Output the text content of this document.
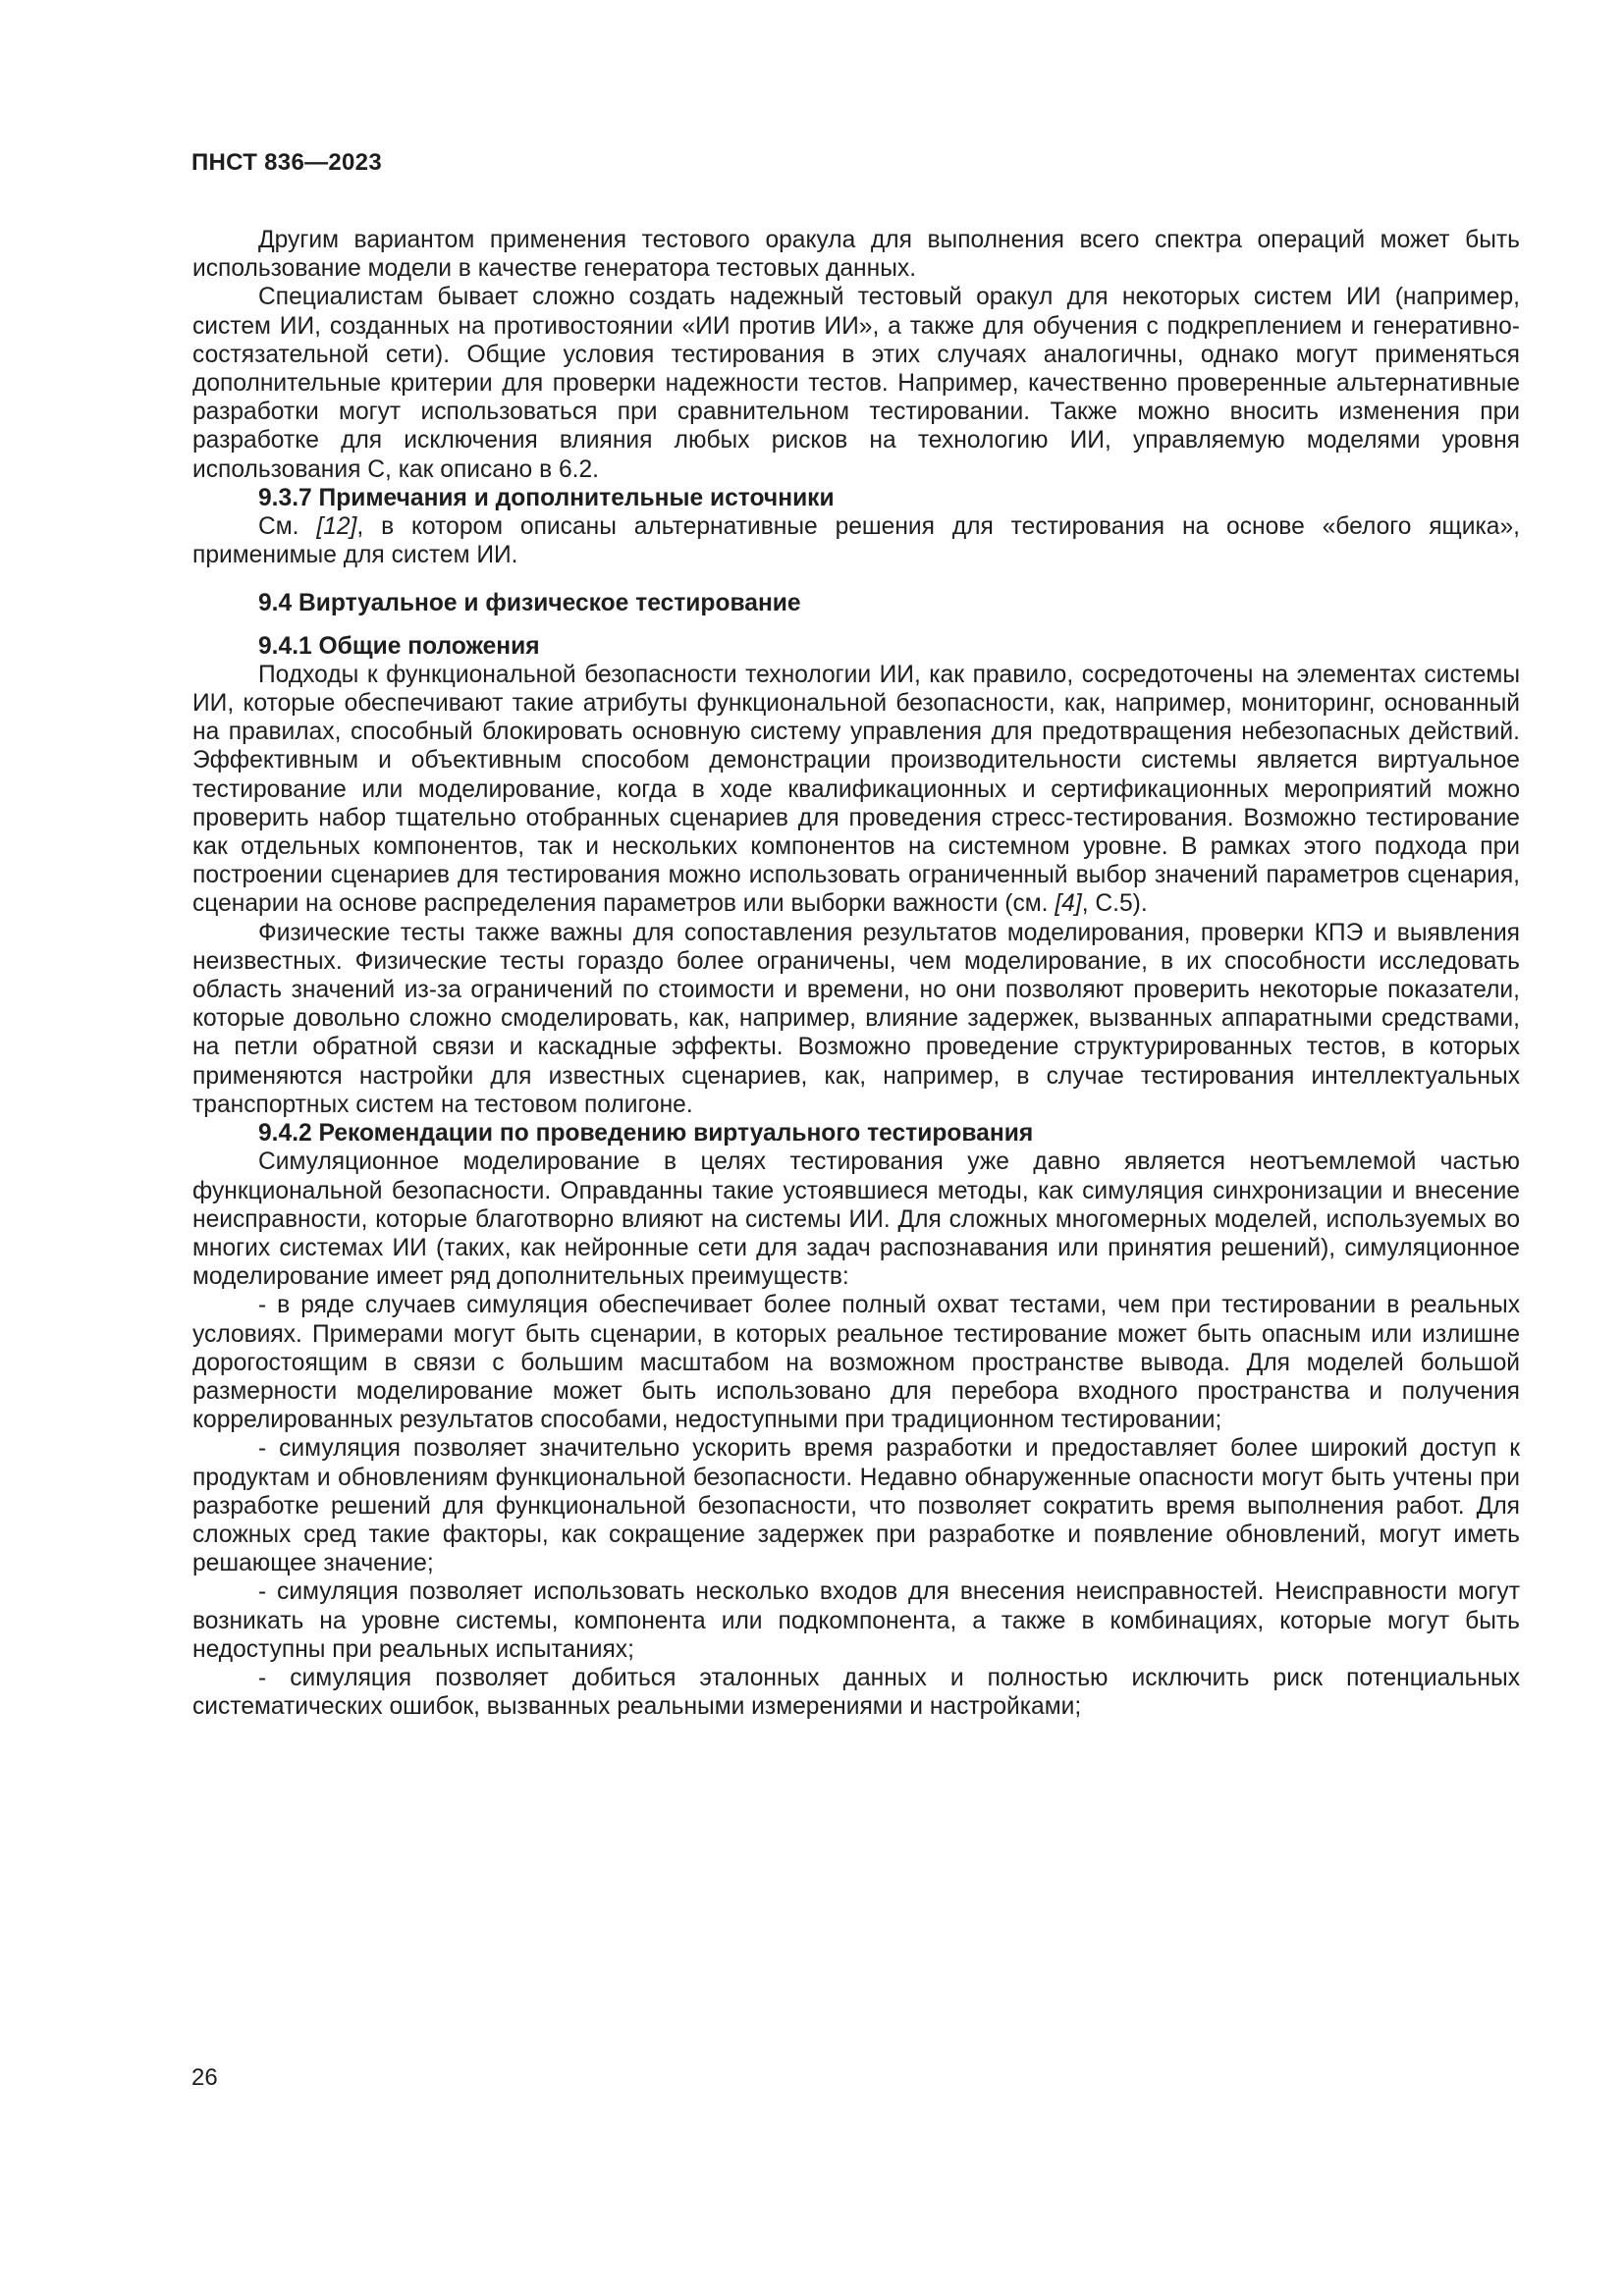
ПНСТ 836—2023

Другим вариантом применения тестового оракула для выполнения всего спектра операций может быть использование модели в качестве генератора тестовых данных.

Специалистам бывает сложно создать надежный тестовый оракул для некоторых систем ИИ (например, систем ИИ, созданных на противостоянии «ИИ против ИИ», а также для обучения с подкреплением и генеративно-состязательной сети). Общие условия тестирования в этих случаях аналогичны, однако могут применяться дополнительные критерии для проверки надежности тестов. Например, качественно проверенные альтернативные разработки могут использоваться при сравнительном тестировании. Также можно вносить изменения при разработке для исключения влияния любых рисков на технологию ИИ, управляемую моделями уровня использования С, как описано в 6.2.

9.3.7 Примечания и дополнительные источники

См. [12], в котором описаны альтернативные решения для тестирования на основе «белого ящика», применимые для систем ИИ.

9.4 Виртуальное и физическое тестирование

9.4.1 Общие положения

Подходы к функциональной безопасности технологии ИИ, как правило, сосредоточены на элементах системы ИИ, которые обеспечивают такие атрибуты функциональной безопасности, как, например, мониторинг, основанный на правилах, способный блокировать основную систему управления для предотвращения небезопасных действий. Эффективным и объективным способом демонстрации производительности системы является виртуальное тестирование или моделирование, когда в ходе квалификационных и сертификационных мероприятий можно проверить набор тщательно отобранных сценариев для проведения стресс-тестирования. Возможно тестирование как отдельных компонентов, так и нескольких компонентов на системном уровне. В рамках этого подхода при построении сценариев для тестирования можно использовать ограниченный выбор значений параметров сценария, сценарии на основе распределения параметров или выборки важности (см. [4], С.5).

Физические тесты также важны для сопоставления результатов моделирования, проверки КПЭ и выявления неизвестных. Физические тесты гораздо более ограничены, чем моделирование, в их способности исследовать область значений из-за ограничений по стоимости и времени, но они позволяют проверить некоторые показатели, которые довольно сложно смоделировать, как, например, влияние задержек, вызванных аппаратными средствами, на петли обратной связи и каскадные эффекты. Возможно проведение структурированных тестов, в которых применяются настройки для известных сценариев, как, например, в случае тестирования интеллектуальных транспортных систем на тестовом полигоне.

9.4.2 Рекомендации по проведению виртуального тестирования

Симуляционное моделирование в целях тестирования уже давно является неотъемлемой частью функциональной безопасности. Оправданны такие устоявшиеся методы, как симуляция синхронизации и внесение неисправности, которые благотворно влияют на системы ИИ. Для сложных многомерных моделей, используемых во многих системах ИИ (таких, как нейронные сети для задач распознавания или принятия решений), симуляционное моделирование имеет ряд дополнительных преимуществ:

- в ряде случаев симуляция обеспечивает более полный охват тестами, чем при тестировании в реальных условиях. Примерами могут быть сценарии, в которых реальное тестирование может быть опасным или излишне дорогостоящим в связи с большим масштабом на возможном пространстве вывода. Для моделей большой размерности моделирование может быть использовано для перебора входного пространства и получения коррелированных результатов способами, недоступными при традиционном тестировании;

- симуляция позволяет значительно ускорить время разработки и предоставляет более широкий доступ к продуктам и обновлениям функциональной безопасности. Недавно обнаруженные опасности могут быть учтены при разработке решений для функциональной безопасности, что позволяет сократить время выполнения работ. Для сложных сред такие факторы, как сокращение задержек при разработке и появление обновлений, могут иметь решающее значение;

- симуляция позволяет использовать несколько входов для внесения неисправностей. Неисправности могут возникать на уровне системы, компонента или подкомпонента, а также в комбинациях, которые могут быть недоступны при реальных испытаниях;

- симуляция позволяет добиться эталонных данных и полностью исключить риск потенциальных систематических ошибок, вызванных реальными измерениями и настройками;

26
